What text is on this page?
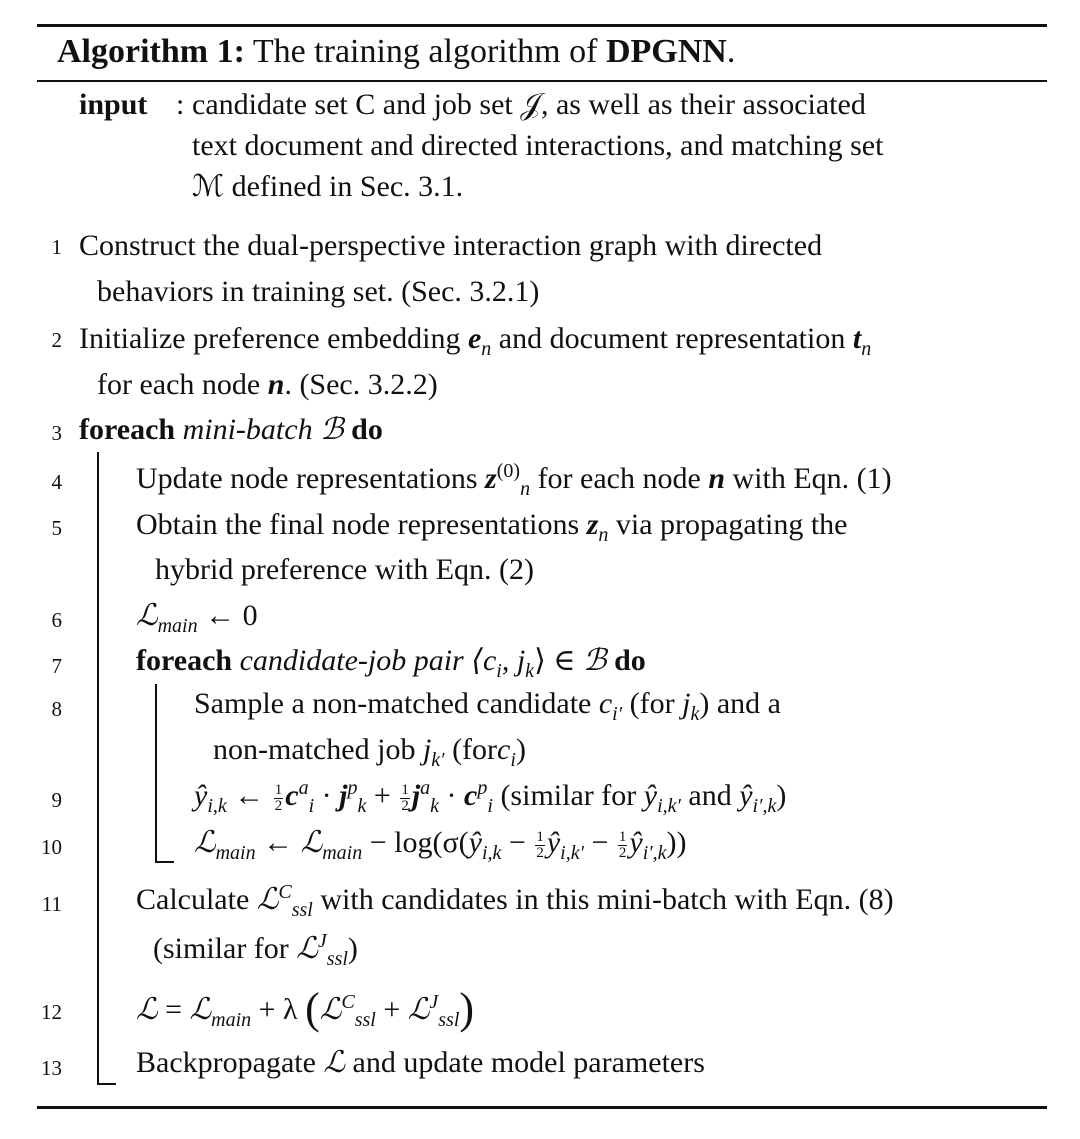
Algorithm 1: The training algorithm of DPGNN.
input : candidate set C and job set 𝒥, as well as their associated
text document and directed interactions, and matching set
ℳ defined in Sec. 3.1.
1 Construct the dual-perspective interaction graph with directed
behaviors in training set. (Sec. 3.2.1)
2 Initialize preference embedding $e_n$ and document representation $t_n$
for each node n. (Sec. 3.2.2)
3 foreach mini-batch ℬ do
4 Update node representations $z^{(0)}_n$ for each node n with Eqn. (1)
5 Obtain the final node representations $z_n$ via propagating the
hybrid preference with Eqn. (2)
6 ℒ$_{main}$ ← 0
7 foreach candidate-job pair $⟨c_i$, $j_k⟩$ ∈ ℬ do
8	Sample a non-matched candidate $c_{i'}$ (for $j_k$) and a
non-matched job $j_{k'}$ (forc$_i$)
9	$ŷ_{i,k}$ ← $\frac{1}{2} c^a_i \cdot j^p_k + \frac{1}{2} j^a_k \cdot c^p_i$ (similar for $ŷ_{i,k'}$ and $ŷ_{i',k}$)
10	ℒ$_{main}$ ← ℒ$_{main}$ − $\log(\sigma(ŷ_{i,k} - \frac{1}{2}$ $ŷ_{i,k'} - \frac{1}{2}$ $ŷ_{i',k}$))
11 Calculate ℒ$^C_{ssl}$ with candidates in this mini-batch with Eqn. (8)
(similar for ℒ$^J_{ssl}$)
12 ℒ = ℒ$_{main}$ + λ (ℒ$^C_{ssl}$ + ℒ$^J_{ssl}$)
13 Backpropagate ℒ and update model parameters
